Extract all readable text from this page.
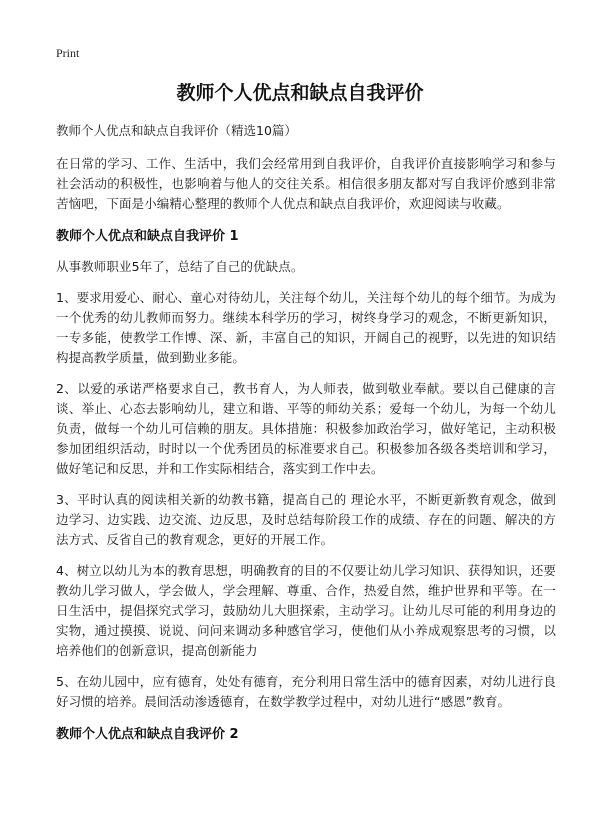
Print
教师个人优点和缺点自我评价
教师个人优点和缺点自我评价（精选10篇）

在日常的学习、工作、生活中，我们会经常用到自我评价，自我评价直接影响学习和参与社会活动的积极性，也影响着与他人的交往关系。相信很多朋友都对写自我评价感到非常苦恼吧，下面是小编精心整理的教师个人优点和缺点自我评价，欢迎阅读与收藏。

教师个人优点和缺点自我评价 1

从事教师职业5年了，总结了自己的优缺点。

1、要求用爱心、耐心、童心对待幼儿，关注每个幼儿，关注每个幼儿的每个细节。为成为一个优秀的幼儿教师而努力。继续本科学历的学习，树终身学习的观念，不断更新知识，一专多能，使教学工作博、深、新，丰富自己的知识，开阔自己的视野，以先进的知识结构提高教学质量，做到勤业多能。

2、以爱的承诺严格要求自己，教书育人，为人师表，做到敬业奉献。要以自己健康的言谈、举止、心态去影响幼儿，建立和谐、平等的师幼关系；爱每一个幼儿，为每一个幼儿负责，做每一个幼儿可信赖的朋友。具体措施：积极参加政治学习，做好笔记，主动积极参加团组织活动，时时以一个优秀团员的标准要求自己。积极参加各级各类培训和学习，做好笔记和反思，并和工作实际相结合，落实到工作中去。

3、平时认真的阅读相关新的幼教书籍，提高自己的 理论水平，不断更新教育观念，做到边学习、边实践、边交流、边反思，及时总结每阶段工作的成绩、存在的问题、解决的方法方式、反省自己的教育观念，更好的开展工作。

4、树立以幼儿为本的教育思想，明确教育的目的不仅要让幼儿学习知识、获得知识，还要教幼儿学习做人，学会做人，学会理解、尊重、合作，热爱自然，维护世界和平等。在一日生活中，提倡探究式学习，鼓励幼儿大胆探索，主动学习。让幼儿尽可能的利用身边的实物，通过摸摸、说说、问问来调动多种感官学习，使他们从小养成观察思考的习惯，以培养他们的创新意识，提高创新能力

5、在幼儿园中，应有德育，处处有德育，充分利用日常生活中的德育因素，对幼儿进行良好习惯的培养。晨间活动渗透德育，在数学教学过程中，对幼儿进行“感恩”教育。

教师个人优点和缺点自我评价 2
